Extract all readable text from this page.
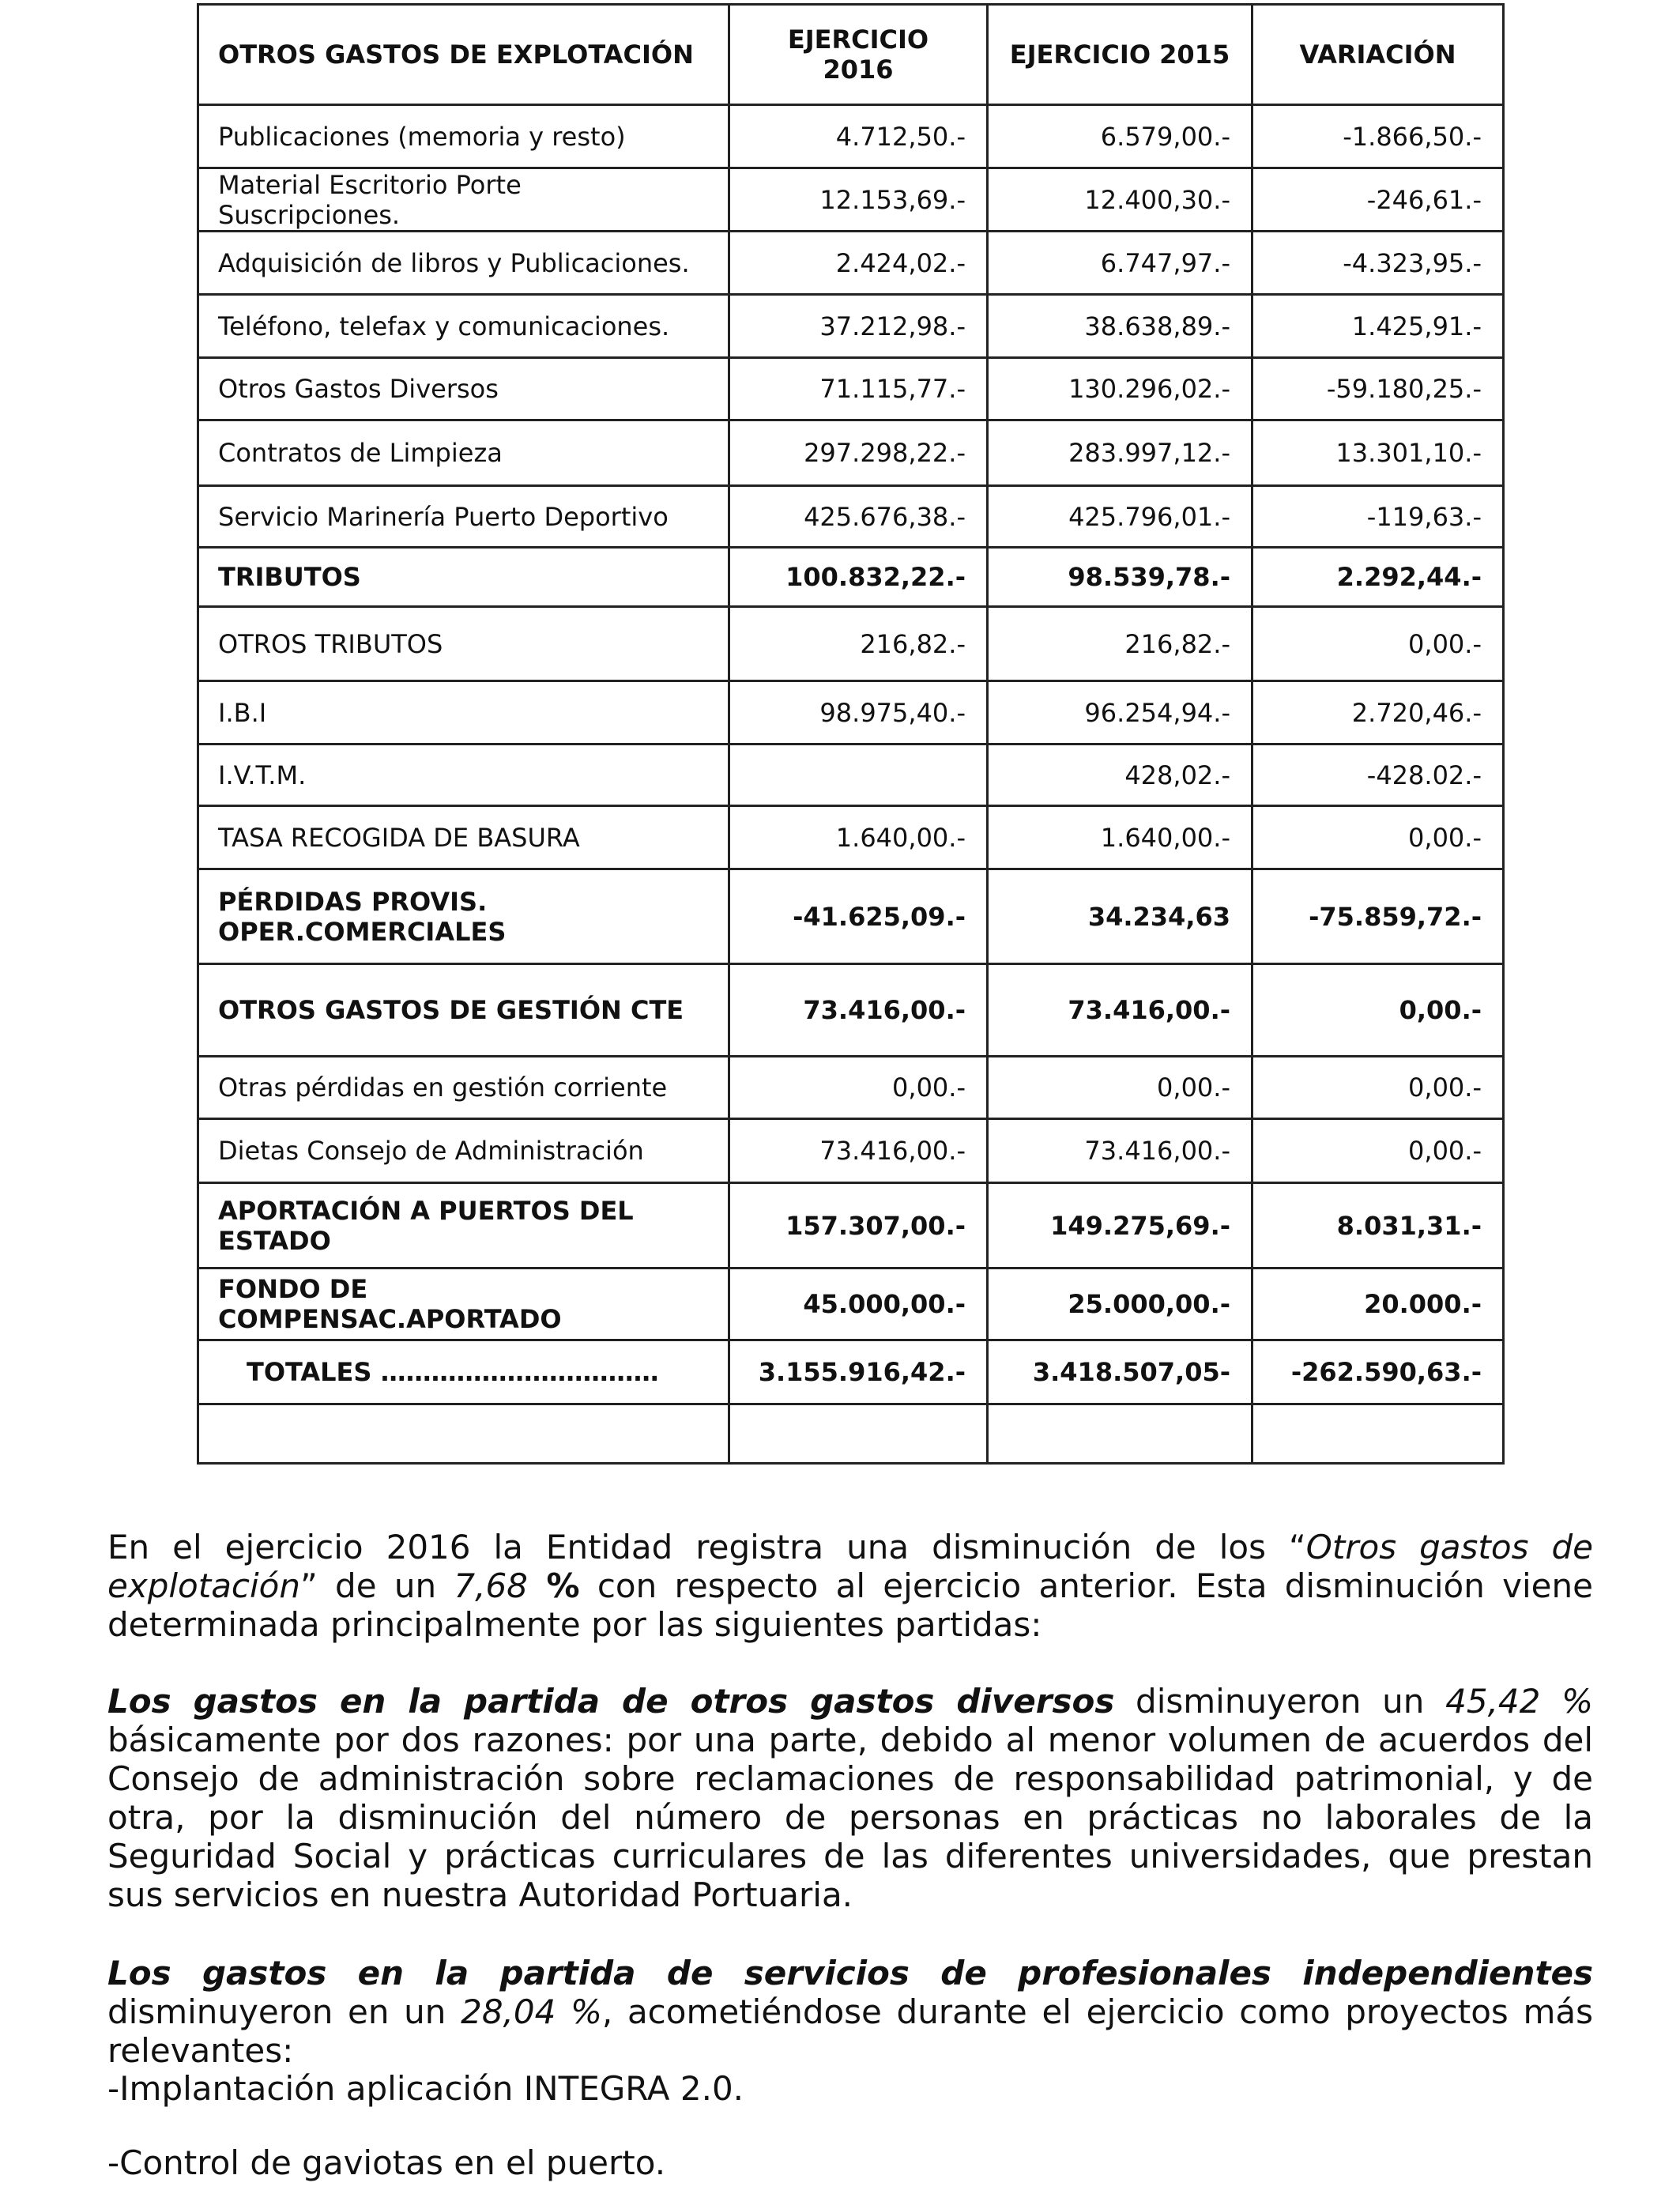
OTROS GASTOS DE EXPLOTACIÓN	EJERCICIO 2016	EJERCICIO 2015	VARIACIÓN
Publicaciones (memoria y resto)	4.712,50.-	6.579,00.-	-1.866,50.-
Material Escritorio Porte Suscripciones.	12.153,69.-	12.400,30.-	-246,61.-
Adquisición de libros y Publicaciones.	2.424,02.-	6.747,97.-	-4.323,95.-
Teléfono, telefax y comunicaciones.	37.212,98.-	38.638,89.-	1.425,91.-
Otros Gastos Diversos	71.115,77.-	130.296,02.-	-59.180,25.-
Contratos de Limpieza	297.298,22.-	283.997,12.-	13.301,10.-
Servicio Marinería Puerto Deportivo	425.676,38.-	425.796,01.-	-119,63.-
TRIBUTOS	100.832,22.-	98.539,78.-	2.292,44.-
OTROS TRIBUTOS	216,82.-	216,82.-	0,00.-
I.B.I	98.975,40.-	96.254,94.-	2.720,46.-
I.V.T.M.		428,02.-	-428.02.-
TASA RECOGIDA DE BASURA	1.640,00.-	1.640,00.-	0,00.-
PÉRDIDAS PROVIS. OPER.COMERCIALES	-41.625,09.-	34.234,63	-75.859,72.-
OTROS GASTOS DE GESTIÓN CTE	73.416,00.-	73.416,00.-	0,00.-
Otras pérdidas en gestión corriente	0,00.-	0,00.-	0,00.-
Dietas Consejo de Administración	73.416,00.-	73.416,00.-	0,00.-
APORTACIÓN A PUERTOS DEL ESTADO	157.307,00.-	149.275,69.-	8.031,31.-
FONDO DE COMPENSAC.APORTADO	45.000,00.-	25.000,00.-	20.000.-
TOTALES ……………………………	3.155.916,42.-	3.418.507,05-	-262.590,63.-

En el ejercicio 2016 la Entidad registra una disminución de los “Otros gastos de explotación” de un 7,68 % con respecto al ejercicio anterior. Esta disminución viene determinada principalmente por las siguientes partidas:

Los gastos en la partida de otros gastos diversos disminuyeron un 45,42 % básicamente por dos razones: por una parte, debido al menor volumen de acuerdos del Consejo de administración sobre reclamaciones de responsabilidad patrimonial, y de otra, por la disminución del número de personas en prácticas no laborales de la Seguridad Social y prácticas curriculares de las diferentes universidades, que prestan sus servicios en nuestra Autoridad Portuaria.

Los gastos en la partida de servicios de profesionales independientes disminuyeron en un 28,04 %, acometiéndose durante el ejercicio como proyectos más relevantes:

-Implantación aplicación INTEGRA 2.0.

-Control de gaviotas en el puerto.
